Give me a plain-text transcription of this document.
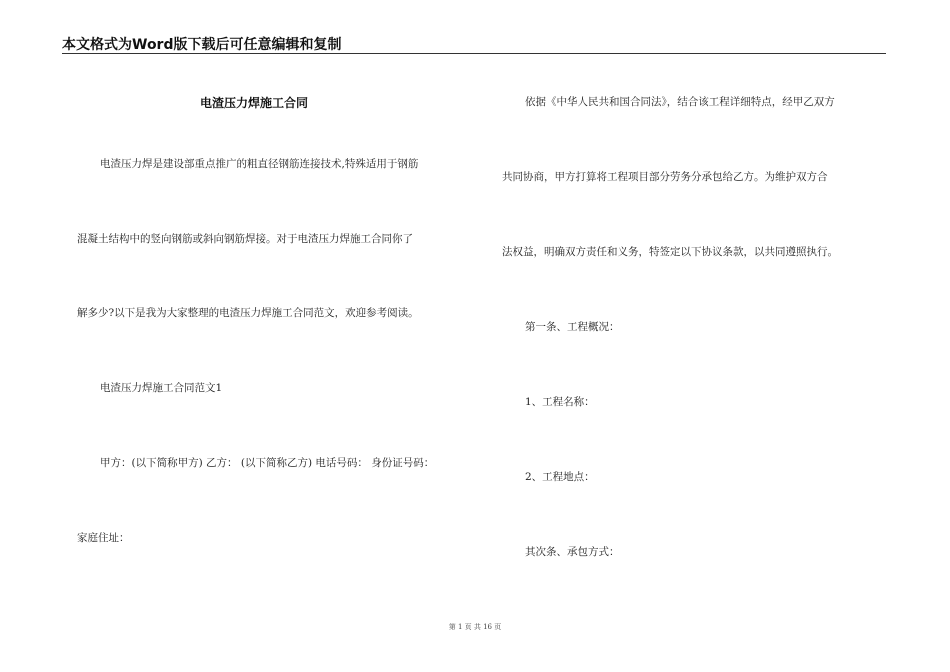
本文格式为Word版下载后可任意编辑和复制
电渣压力焊施工合同
电渣压力焊是建设部重点推广的粗直径钢筋连接技术,特殊适用于钢筋
混凝土结构中的竖向钢筋或斜向钢筋焊接。对于电渣压力焊施工合同你了
解多少?以下是我为大家整理的电渣压力焊施工合同范文，欢迎参考阅读。
电渣压力焊施工合同范文1
甲方：(以下简称甲方) 乙方： (以下简称乙方) 电话号码： 身份证号码：
家庭住址：
依据《中华人民共和国合同法》，结合该工程详细特点，经甲乙双方
共同协商，甲方打算将工程项目部分劳务分承包给乙方。为维护双方合
法权益，明确双方责任和义务，特签定以下协议条款，以共同遵照执行。
第一条、工程概况：
1、工程名称：
2、工程地点：
其次条、承包方式：
第 1 页 共 16 页
